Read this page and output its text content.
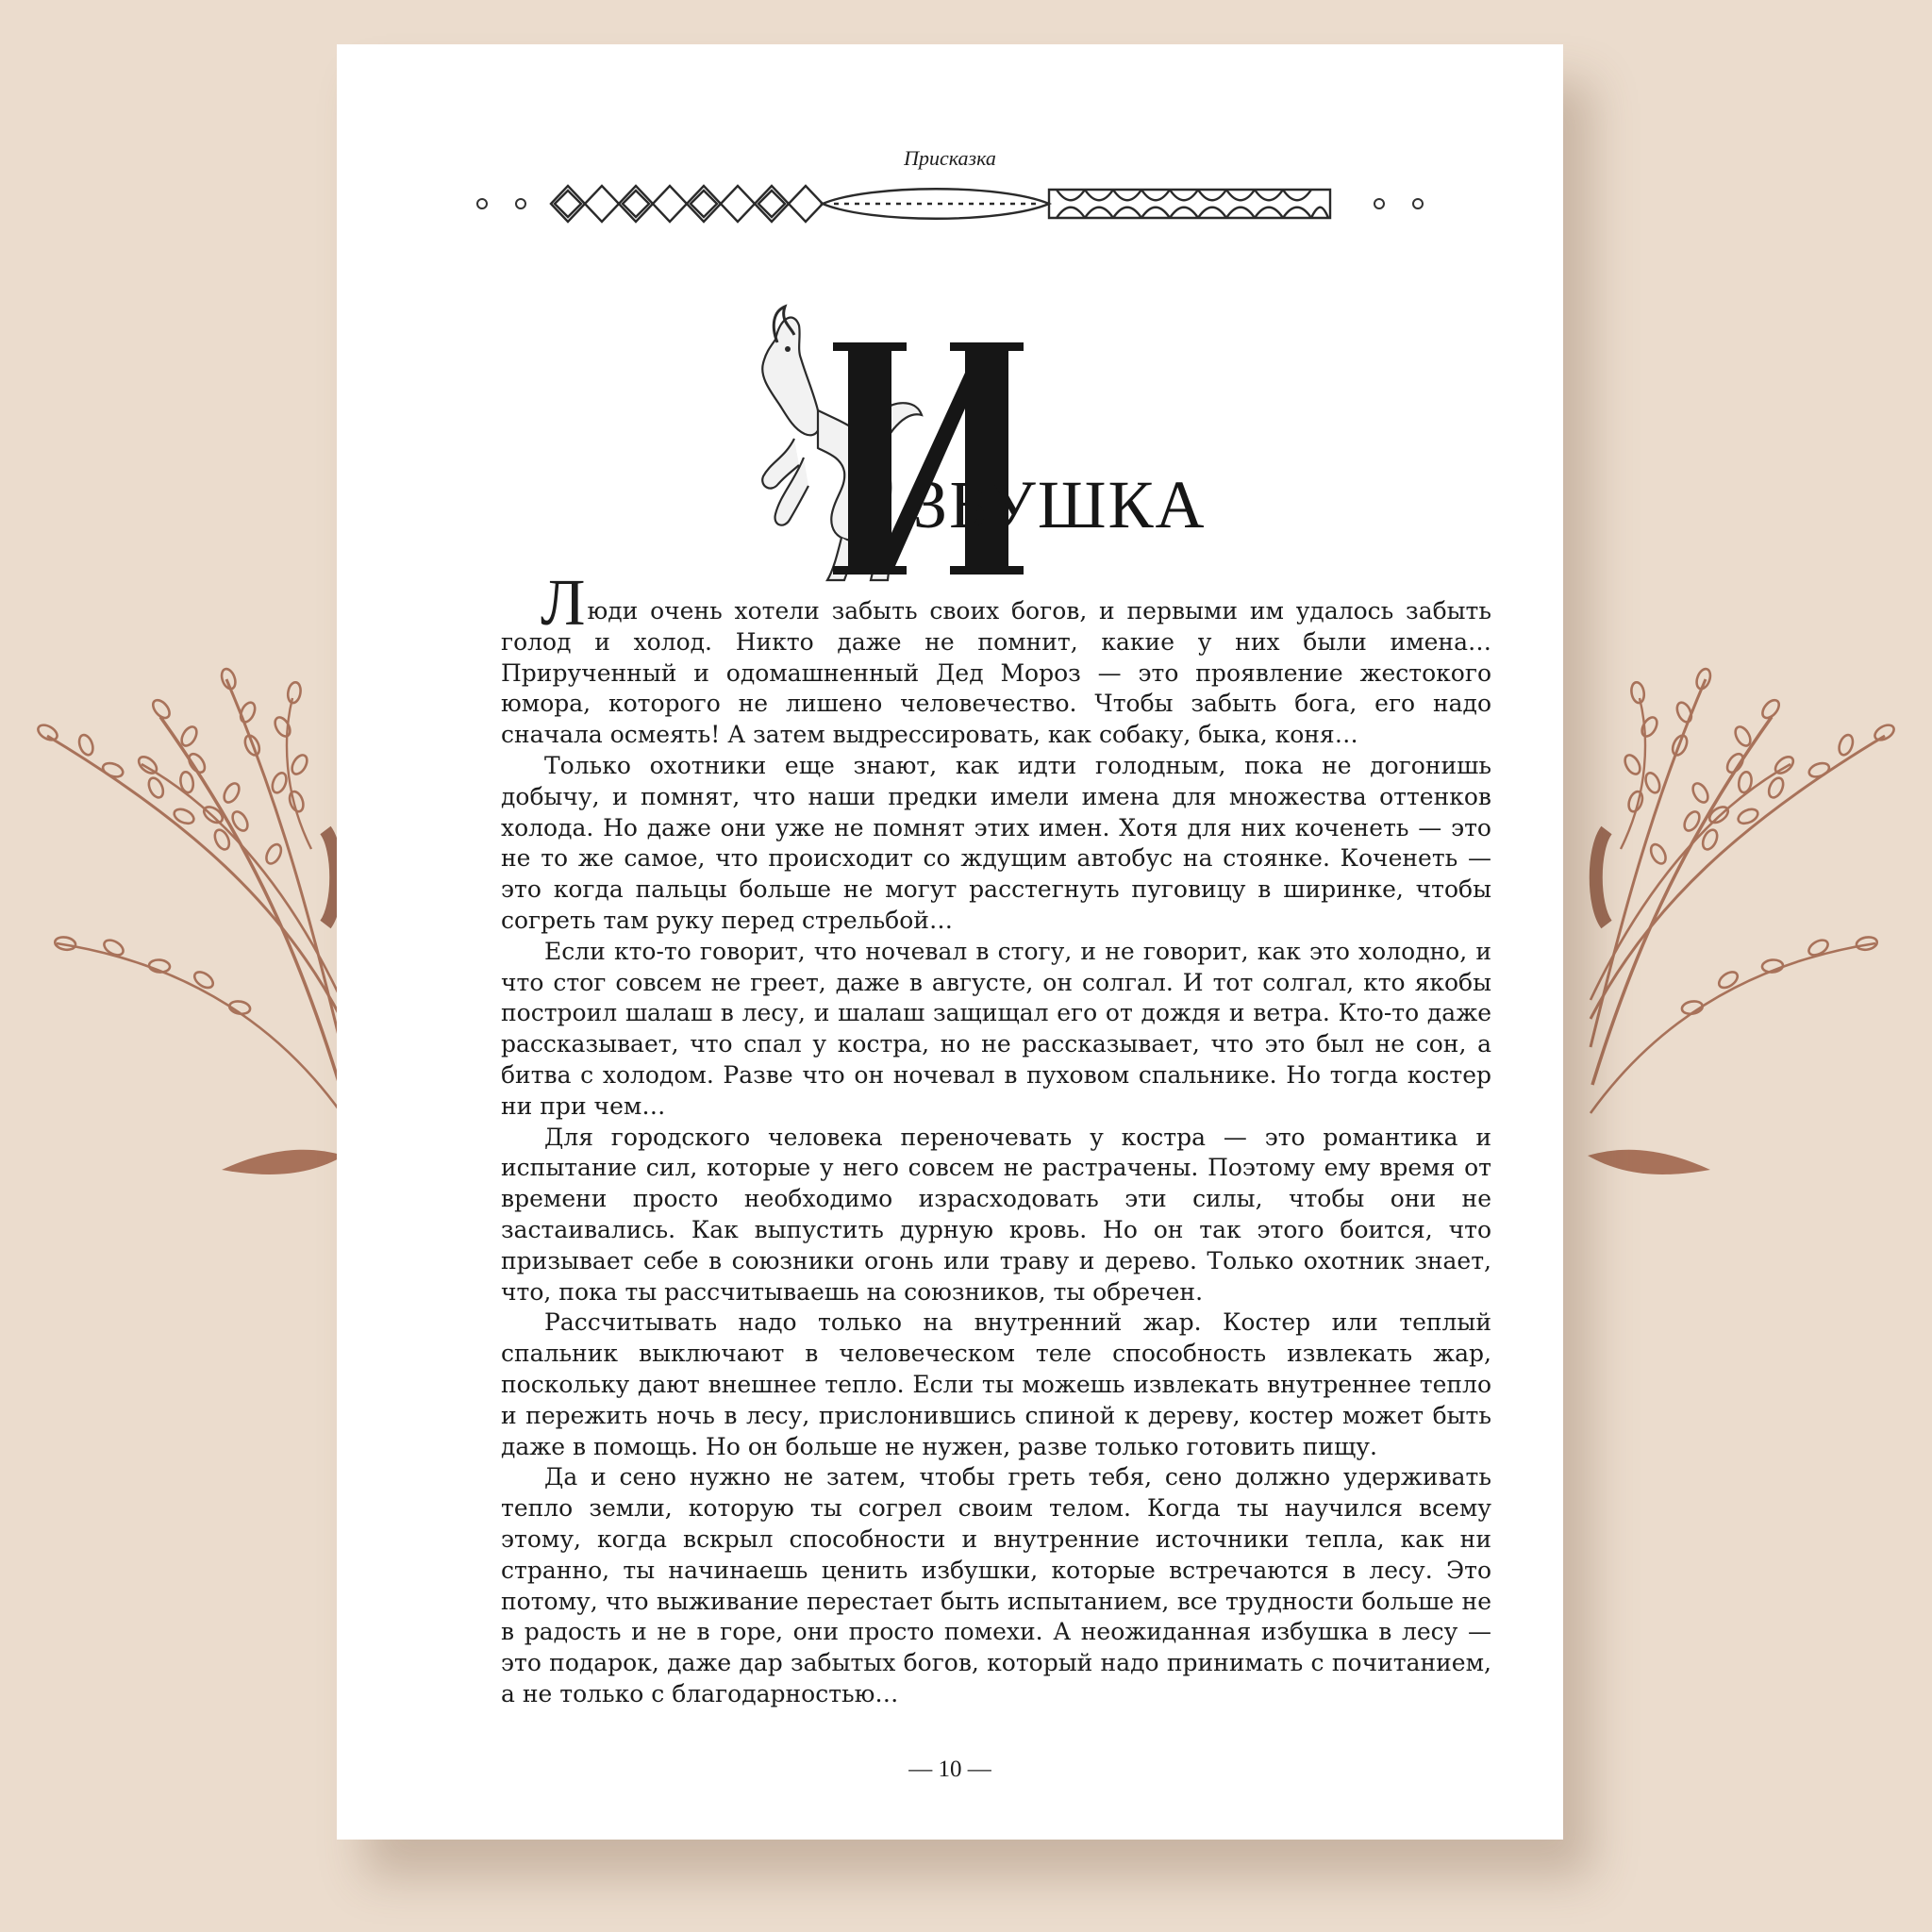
Присказка
ЗБУШКА

Люди очень хотели забыть своих богов, и первыми им удалось забыть голод и холод. Никто даже не помнит, какие у них были имена… Прирученный и одомашненный Дед Мороз — это проявление жестокого юмора, которого не лишено человечество. Чтобы забыть бога, его надо сначала осмеять! А затем выдрессировать, как собаку, быка, коня…

Только охотники еще знают, как идти голодным, пока не догонишь добычу, и помнят, что наши предки имели имена для множества оттенков холода. Но даже они уже не помнят этих имен. Хотя для них коченеть — это не то же самое, что происходит со ждущим автобус на стоянке. Коченеть — это когда пальцы больше не могут расстегнуть пуговицу в ширинке, чтобы согреть там руку перед стрельбой…

Если кто-то говорит, что ночевал в стогу, и не говорит, как это холодно, и что стог совсем не греет, даже в августе, он солгал. И тот солгал, кто якобы построил шалаш в лесу, и шалаш защищал его от дождя и ветра. Кто-то даже рассказывает, что спал у костра, но не рассказывает, что это был не сон, а битва с холодом. Разве что он ночевал в пуховом спальнике. Но тогда костер ни при чем…

Для городского человека переночевать у костра — это романтика и испытание сил, которые у него совсем не растрачены. Поэтому ему время от времени просто необходимо израсходовать эти силы, чтобы они не застаивались. Как выпустить дурную кровь. Но он так этого боится, что призывает себе в союзники огонь или траву и дерево. Только охотник знает, что, пока ты рассчитываешь на союзников, ты обречен.

Рассчитывать надо только на внутренний жар. Костер или теплый спальник выключают в человеческом теле способность извлекать жар, поскольку дают внешнее тепло. Если ты можешь извлекать внутреннее тепло и пережить ночь в лесу, прислонившись спиной к дереву, костер может быть даже в помощь. Но он больше не нужен, разве только готовить пищу.

Да и сено нужно не затем, чтобы греть тебя, сено должно удерживать тепло земли, которую ты согрел своим телом. Когда ты научился всему этому, когда вскрыл способности и внутренние источники тепла, как ни странно, ты начинаешь ценить избушки, которые встречаются в лесу. Это потому, что выживание перестает быть испытанием, все трудности больше не в радость и не в горе, они просто помехи. А неожиданная избушка в лесу — это подарок, даже дар забытых богов, который надо принимать с почитанием, а не только с благодарностью…

— 10 —
